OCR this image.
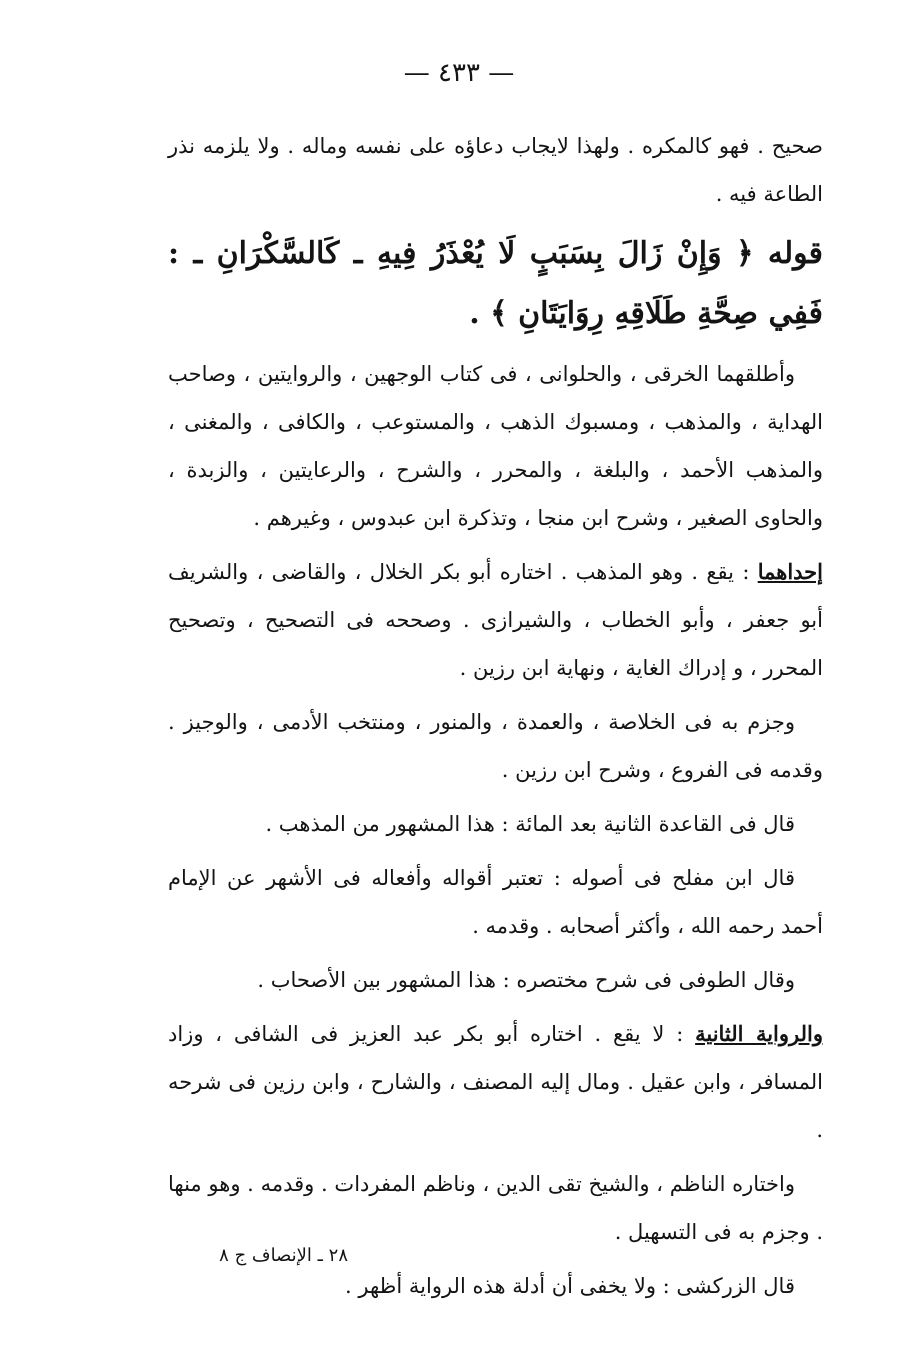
— ٤٣٣ —

صحيح . فهو كالمكره . ولهذا لايجاب دعاؤه على نفسه وماله . ولا يلزمه نذر الطاعة فيه .

قوله ﴿ وَإِنْ زَالَ بِسَبَبٍ لَا يُعْذَرُ فِيهِ ـ كَالسَّكْرَانِ ـ : فَفِي صِحَّةِ طَلَاقِهِ رِوَايَتَانِ ﴾ .

وأطلقهما الخرقى ، والحلوانى ، فى كتاب الوجهين ، والروايتين ، وصاحب الهداية ، والمذهب ، ومسبوك الذهب ، والمستوعب ، والكافى ، والمغنى ، والمذهب الأحمد ، والبلغة ، والمحرر ، والشرح ، والرعايتين ، والزبدة ، والحاوى الصغير ، وشرح ابن منجا ، وتذكرة ابن عبدوس ، وغيرهم .

إحداهما : يقع . وهو المذهب . اختاره أبو بكر الخلال ، والقاضى ، والشريف أبو جعفر ، وأبو الخطاب ، والشيرازى . وصححه فى التصحيح ، وتصحيح المحرر ، و إدراك الغاية ، ونهاية ابن رزين .

وجزم به فى الخلاصة ، والعمدة ، والمنور ، ومنتخب الأدمى ، والوجيز . وقدمه فى الفروع ، وشرح ابن رزين .

قال فى القاعدة الثانية بعد المائة : هذا المشهور من المذهب .

قال ابن مفلح فى أصوله : تعتبر أقواله وأفعاله فى الأشهر عن الإمام أحمد رحمه الله ، وأكثر أصحابه . وقدمه .

وقال الطوفى فى شرح مختصره : هذا المشهور بين الأصحاب .

والرواية الثانية : لا يقع . اختاره أبو بكر عبد العزيز فى الشافى ، وزاد المسافر ، وابن عقيل . ومال إليه المصنف ، والشارح ، وابن رزين فى شرحه .

واختاره الناظم ، والشيخ تقى الدين ، وناظم المفردات . وقدمه . وهو منها . وجزم به فى التسهيل .

قال الزركشى : ولا يخفى أن أدلة هذه الرواية أظهر .

٢٨ ـ الإنصاف ج ٨
